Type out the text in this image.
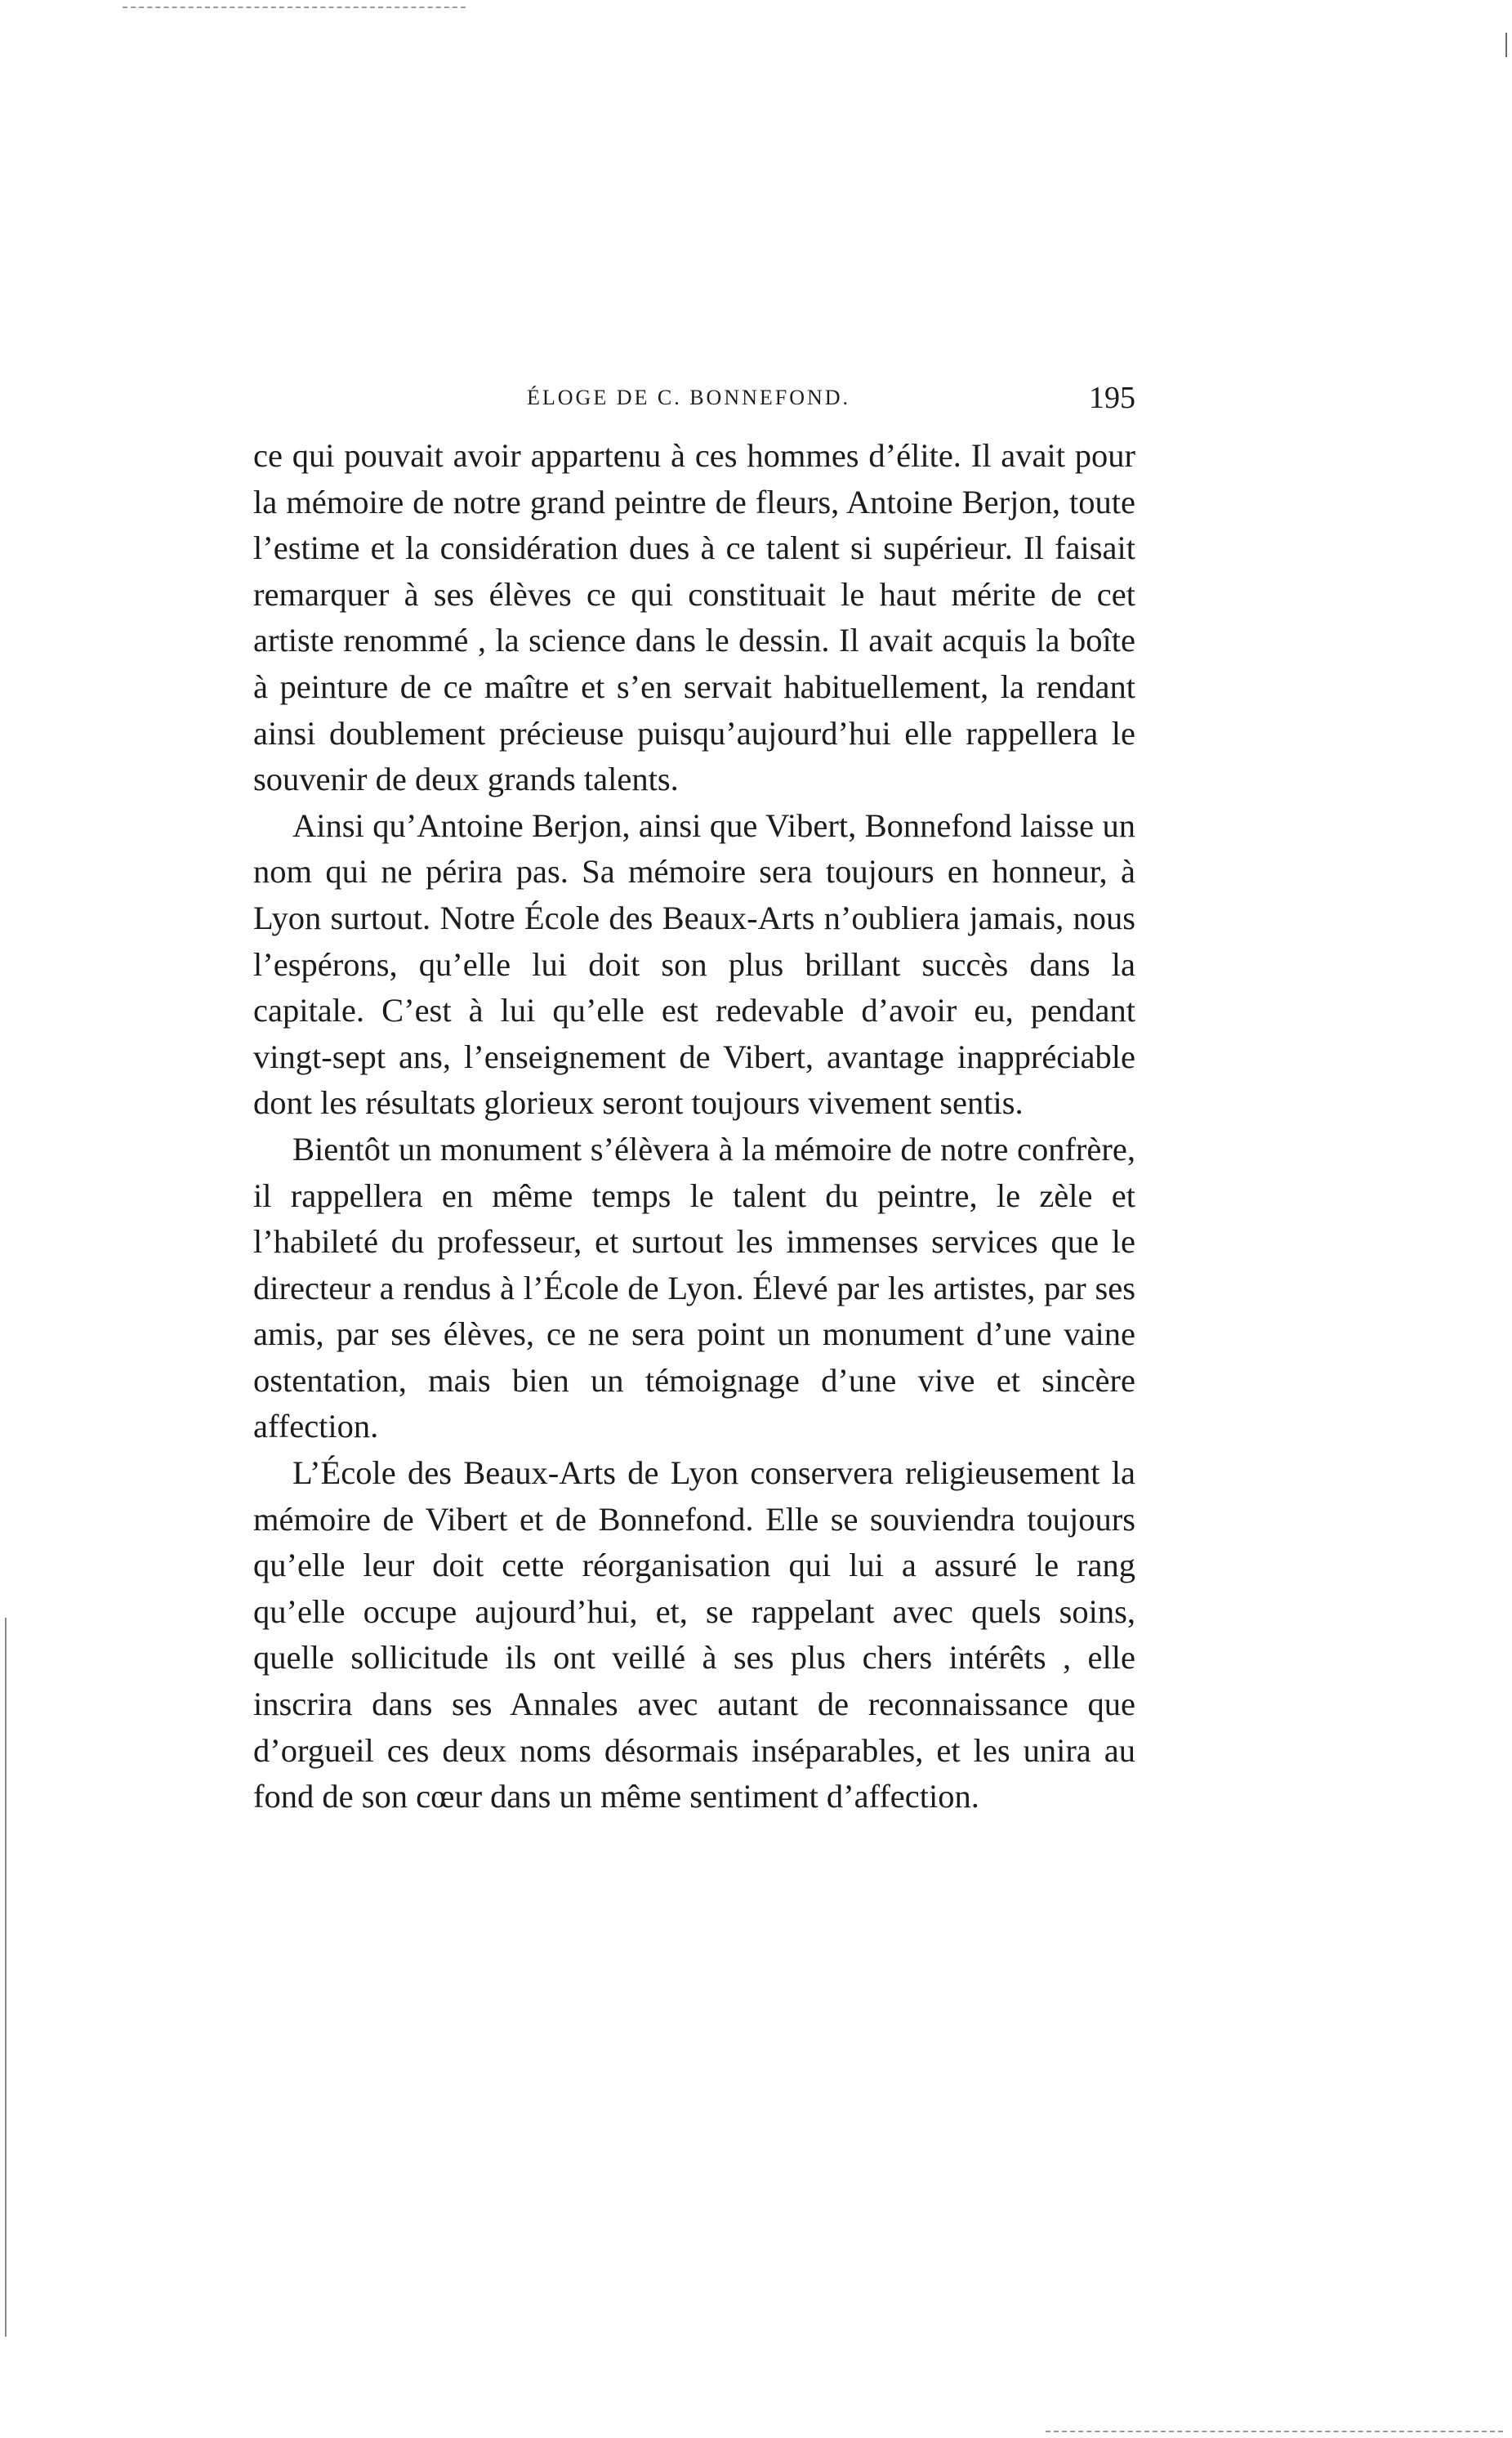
ÉLOGE DE C. BONNEFOND.	195

ce qui pouvait avoir appartenu à ces hommes d’élite. Il avait pour la mémoire de notre grand peintre de fleurs, Antoine Berjon, toute l’estime et la considération dues à ce talent si supérieur. Il faisait remarquer à ses élèves ce qui constituait le haut mérite de cet artiste renommé , la science dans le dessin. Il avait acquis la boîte à peinture de ce maître et s’en servait habituellement, la rendant ainsi doublement précieuse puisqu’aujourd’hui elle rappellera le souvenir de deux grands talents.

Ainsi qu’Antoine Berjon, ainsi que Vibert, Bonnefond laisse un nom qui ne périra pas. Sa mémoire sera toujours en honneur, à Lyon surtout. Notre École des Beaux-Arts n’oubliera jamais, nous l’espérons, qu’elle lui doit son plus brillant succès dans la capitale. C’est à lui qu’elle est redevable d’avoir eu, pendant vingt-sept ans, l’enseignement de Vibert, avantage inappréciable dont les résultats glorieux seront toujours vivement sentis.

Bientôt un monument s’élèvera à la mémoire de notre confrère, il rappellera en même temps le talent du peintre, le zèle et l’habileté du professeur, et surtout les immenses services que le directeur a rendus à l’École de Lyon. Élevé par les artistes, par ses amis, par ses élèves, ce ne sera point un monument d’une vaine ostentation, mais bien un témoignage d’une vive et sincère affection.

L’École des Beaux-Arts de Lyon conservera religieusement la mémoire de Vibert et de Bonnefond. Elle se souviendra toujours qu’elle leur doit cette réorganisation qui lui a assuré le rang qu’elle occupe aujourd’hui, et, se rappelant avec quels soins, quelle sollicitude ils ont veillé à ses plus chers intérêts , elle inscrira dans ses Annales avec autant de reconnaissance que d’orgueil ces deux noms désormais inséparables, et les unira au fond de son cœur dans un même sentiment d’affection.
